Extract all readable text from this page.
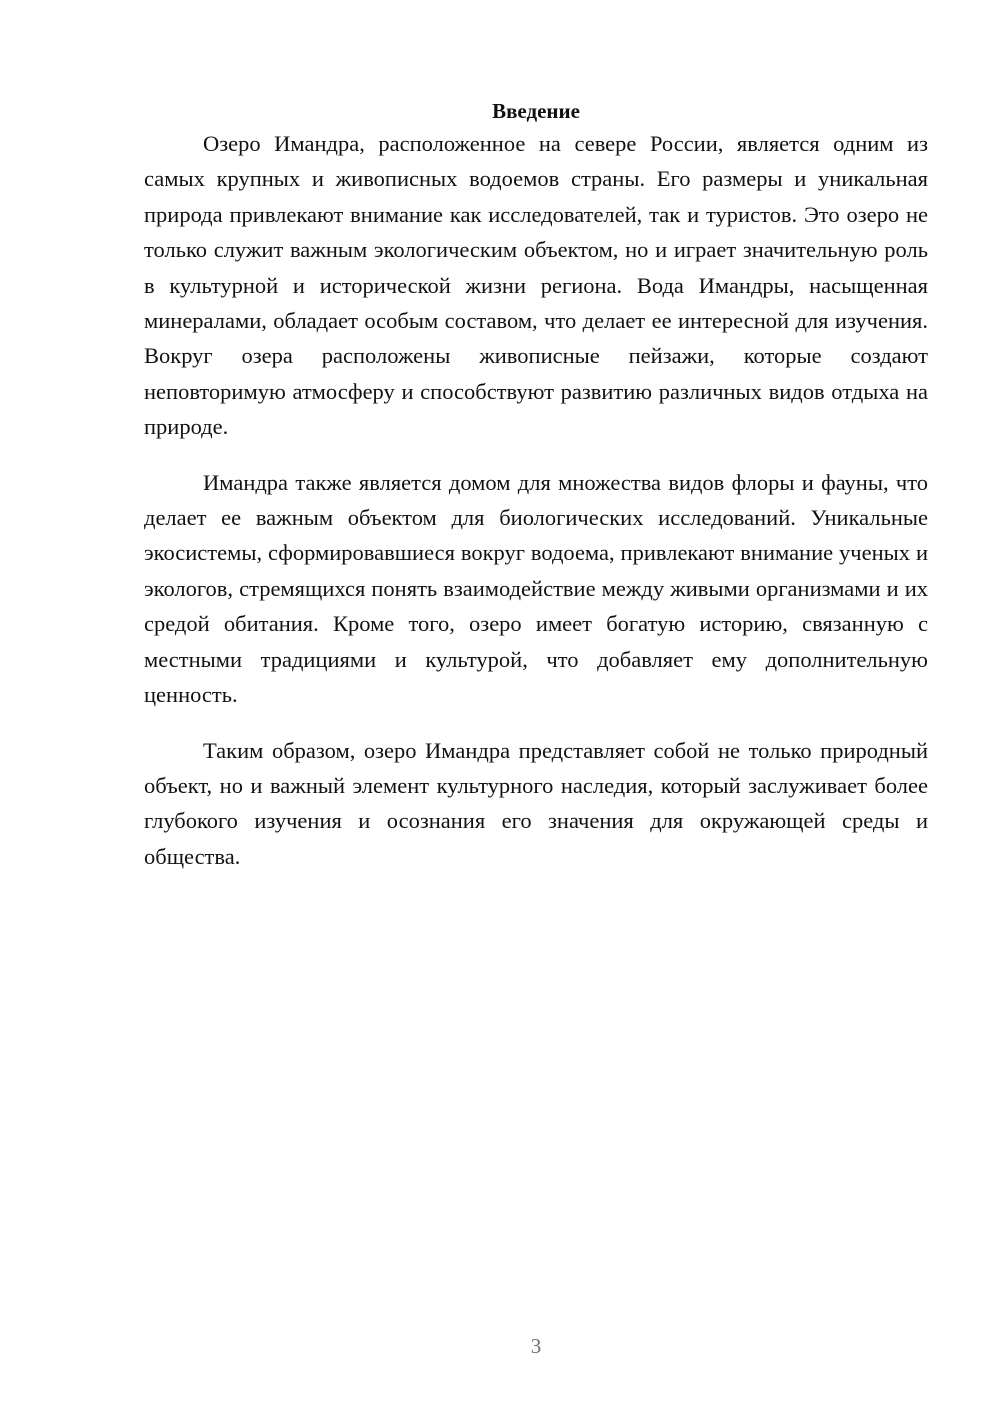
Введение

Озеро Имандра, расположенное на севере России, является одним из самых крупных и живописных водоемов страны. Его размеры и уникальная природа привлекают внимание как исследователей, так и туристов. Это озеро не только служит важным экологическим объектом, но и играет значительную роль в культурной и исторической жизни региона. Вода Имандры, насыщенная минералами, обладает особым составом, что делает ее интересной для изучения. Вокруг озера расположены живописные пейзажи, которые создают неповторимую атмосферу и способствуют развитию различных видов отдыха на природе.

Имандра также является домом для множества видов флоры и фауны, что делает ее важным объектом для биологических исследований. Уникальные экосистемы, сформировавшиеся вокруг водоема, привлекают внимание ученых и экологов, стремящихся понять взаимодействие между живыми организмами и их средой обитания. Кроме того, озеро имеет богатую историю, связанную с местными традициями и культурой, что добавляет ему дополнительную ценность.

Таким образом, озеро Имандра представляет собой не только природный объект, но и важный элемент культурного наследия, который заслуживает более глубокого изучения и осознания его значения для окружающей среды и общества.

3
